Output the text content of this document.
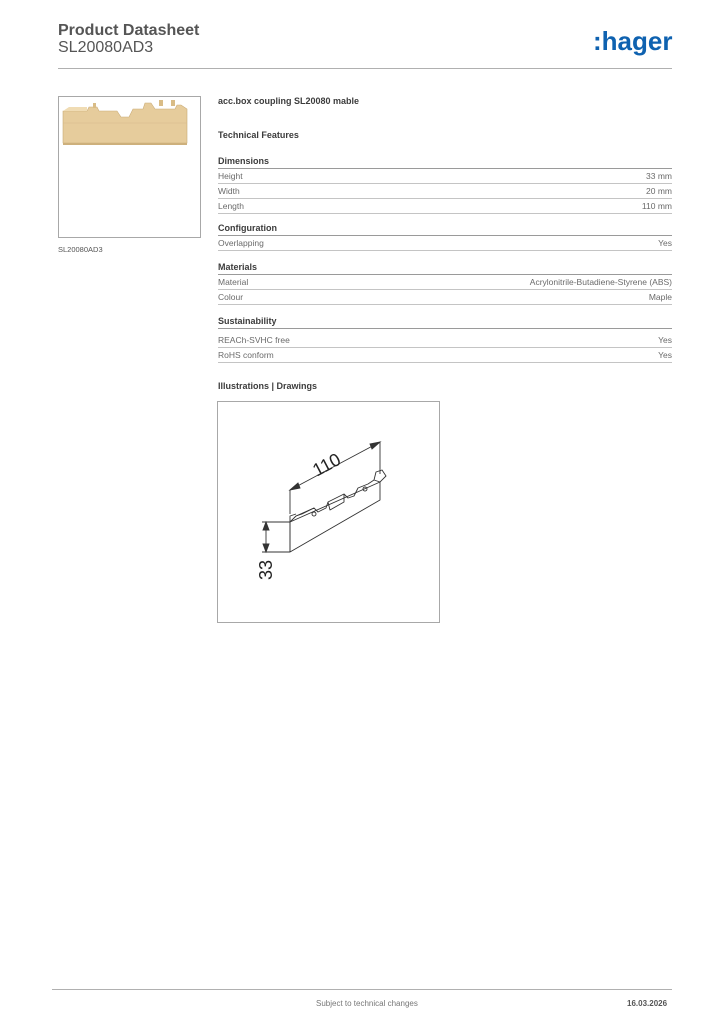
Product Datasheet
SL20080AD3	:hager
SL20080AD3
acc.box coupling SL20080 mable
Technical Features
Dimensions
Height	33 mm
Width	20 mm
Length	110 mm
Configuration
Overlapping	Yes
Materials
Material	Acrylonitrile-Butadiene-Styrene (ABS)
Colour	Maple
Sustainability
REACh-SVHC free	Yes
RoHS conform	Yes
Illustrations | Drawings
110
33
Subject to technical changes	16.03.2026
